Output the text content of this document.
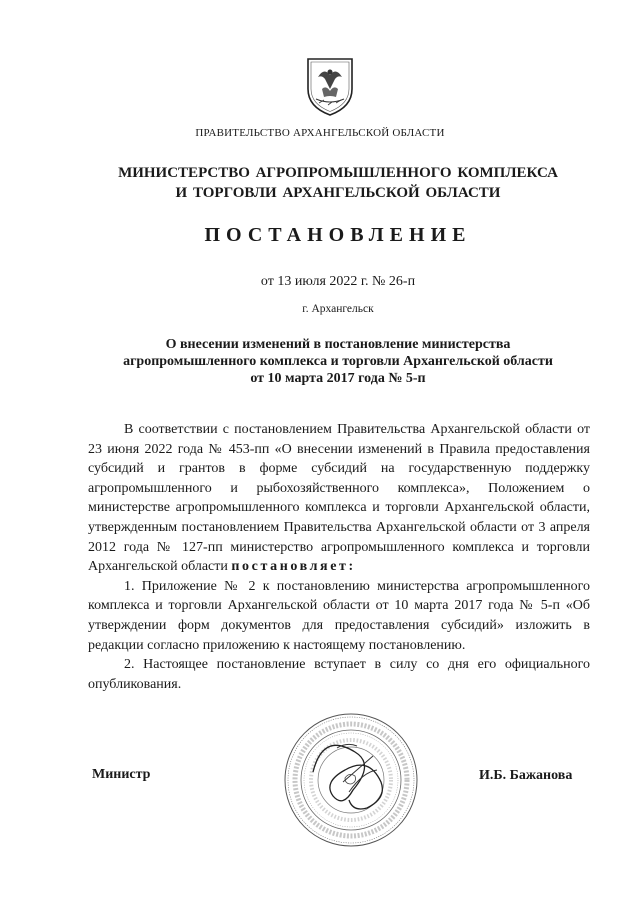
ПРАВИТЕЛЬСТВО АРХАНГЕЛЬСКОЙ ОБЛАСТИ
МИНИСТЕРСТВО АГРОПРОМЫШЛЕННОГО КОМПЛЕКСА
И ТОРГОВЛИ АРХАНГЕЛЬСКОЙ ОБЛАСТИ
ПОСТАНОВЛЕНИЕ
от 13 июля 2022 г. № 26-п
г. Архангельск
О внесении изменений в постановление министерства
агропромышленного комплекса и торговли Архангельской области
от 10 марта 2017 года № 5-п

В соответствии с постановлением Правительства Архангельской области от 23 июня 2022 года № 453-пп «О внесении изменений в Правила предоставления субсидий и грантов в форме субсидий на государственную поддержку агропромышленного и рыбохозяйственного комплекса», Положением о министерстве агропромышленного комплекса и торговли Архангельской области, утвержденным постановлением Правительства Архангельской области от 3 апреля 2012 года № 127-пп министерство агропромышленного комплекса и торговли Архангельской области постановляет:

1. Приложение № 2 к постановлению министерства агропромышленного комплекса и торговли Архангельской области от 10 марта 2017 года № 5-п «Об утверждении форм документов для предоставления субсидий» изложить в редакции согласно приложению к настоящему постановлению.

2. Настоящее постановление вступает в силу со дня его официального опубликования.

Министр	И.Б. Бажанова
